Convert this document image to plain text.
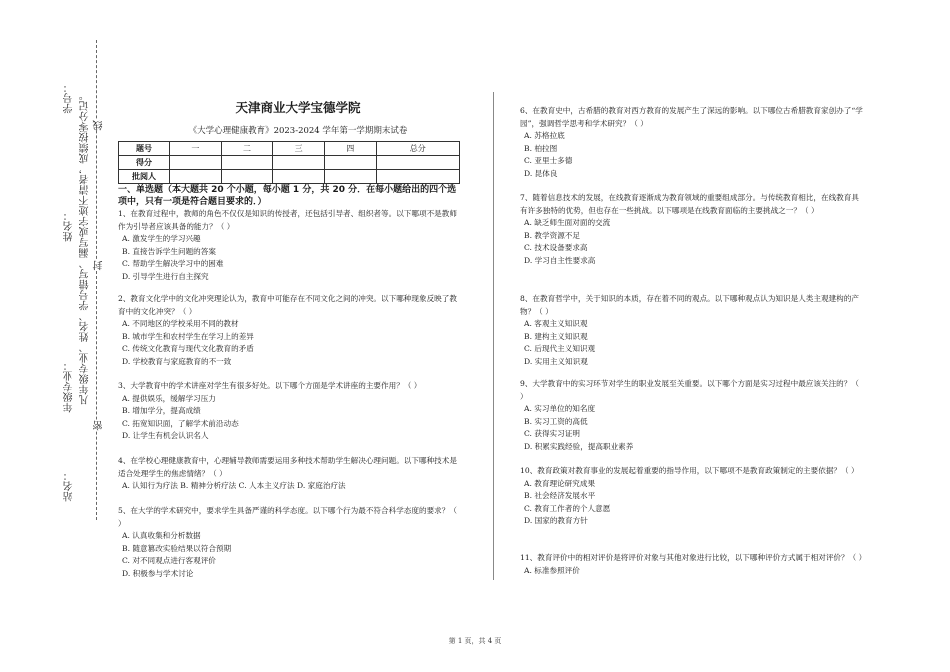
学号：
姓名：
年级专业：
站名：
凡年级专业、姓名、学号错写、漏写或字迹不清者，成绩按零分记。 线
封
密
天津商业大学宝德学院
《大学心理健康教育》2023-2024 学年第一学期期末试卷
题号	一	二	三	四	总分
得分					
批阅人					
一、单选题（本大题共 20 个小题，每小题 1 分，共 20 分．在每小题给出的四个选项中，只有一项是符合题目要求的．）

1、在教育过程中，教师的角色不仅仅是知识的传授者，还包括引导者、组织者等。以下哪项不是教师作为引导者应该具备的能力？（ ）

A. 激发学生的学习兴趣

B. 直接告诉学生问题的答案

C. 帮助学生解决学习中的困难

D. 引导学生进行自主探究

2、教育文化学中的文化冲突理论认为，教育中可能存在不同文化之间的冲突。以下哪种现象反映了教育中的文化冲突？（ ）

A. 不同地区的学校采用不同的教材

B. 城市学生和农村学生在学习上的差异

C. 传统文化教育与现代文化教育的矛盾

D. 学校教育与家庭教育的不一致

3、大学教育中的学术讲座对学生有很多好处。以下哪个方面是学术讲座的主要作用？（ ）

A. 提供娱乐，缓解学习压力

B. 增加学分，提高成绩

C. 拓宽知识面，了解学术前沿动态

D. 让学生有机会认识名人

4、在学校心理健康教育中，心理辅导教师需要运用多种技术帮助学生解决心理问题。以下哪种技术是适合处理学生的焦虑情绪？（ ）

A. 认知行为疗法 B. 精神分析疗法 C. 人本主义疗法 D. 家庭治疗法

5、在大学的学术研究中，要求学生具备严谨的科学态度。以下哪个行为最不符合科学态度的要求？（ ）

A. 认真收集和分析数据

B. 随意篡改实验结果以符合预期

C. 对不同观点进行客观评价

D. 积极参与学术讨论

6、在教育史中，古希腊的教育对西方教育的发展产生了深远的影响。以下哪位古希腊教育家创办了“学园”，强调哲学思考和学术研究？（ ）

A. 苏格拉底

B. 柏拉图

C. 亚里士多德

D. 昆体良

7、随着信息技术的发展，在线教育逐渐成为教育领域的重要组成部分。与传统教育相比，在线教育具有许多独特的优势，但也存在一些挑战。以下哪项是在线教育面临的主要挑战之一？（ ）

A. 缺乏师生面对面的交流

B. 教学资源不足

C. 技术设备要求高

D. 学习自主性要求高

8、在教育哲学中，关于知识的本质，存在着不同的观点。以下哪种观点认为知识是人类主观建构的产物？（ ）

A. 客观主义知识观

B. 建构主义知识观

C. 后现代主义知识观

D. 实用主义知识观

9、大学教育中的实习环节对学生的职业发展至关重要。以下哪个方面是实习过程中最应该关注的？（ ）

A. 实习单位的知名度

B. 实习工资的高低

C. 获得实习证明

D. 积累实践经验，提高职业素养

10、教育政策对教育事业的发展起着重要的指导作用，以下哪项不是教育政策制定的主要依据？（ ）

A. 教育理论研究成果

B. 社会经济发展水平

C. 教育工作者的个人意愿

D. 国家的教育方针

11、教育评价中的相对评价是将评价对象与其他对象进行比较，以下哪种评价方式属于相对评价？（ ）

A. 标准参照评价

第 1 页，共 4 页
